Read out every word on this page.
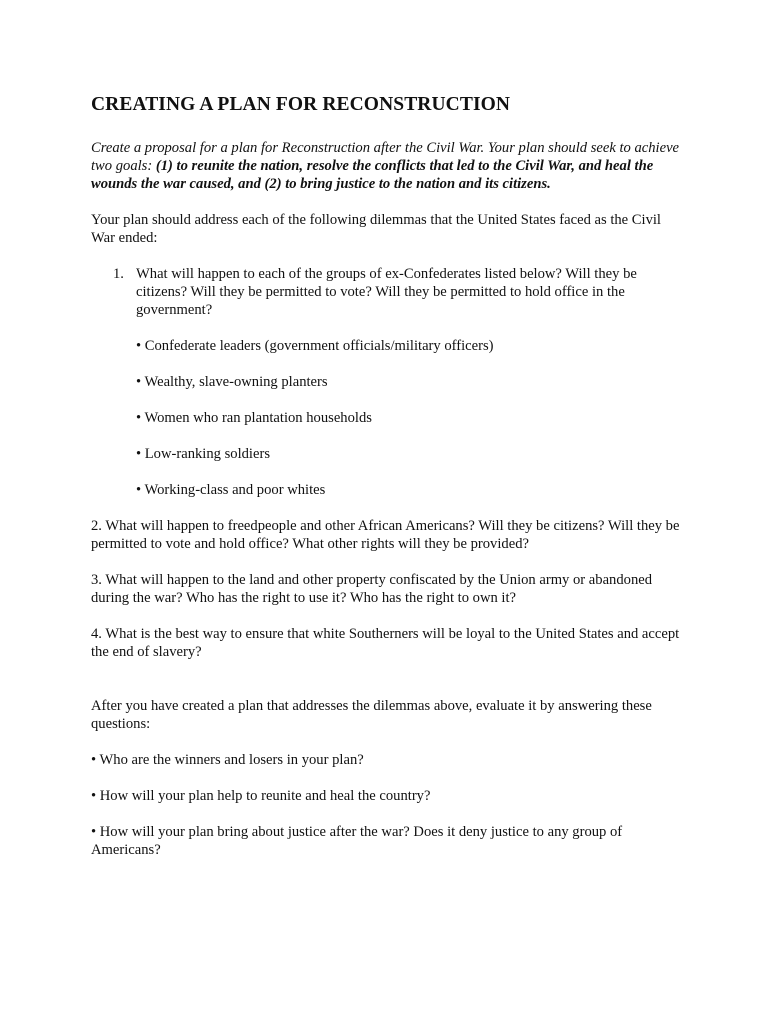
CREATING A PLAN FOR RECONSTRUCTION

Create a proposal for a plan for Reconstruction after the Civil War. Your plan should seek to achieve two goals: (1) to reunite the nation, resolve the conflicts that led to the Civil War, and heal the wounds the war caused, and (2) to bring justice to the nation and its citizens.

Your plan should address each of the following dilemmas that the United States faced as the Civil War ended:

1. What will happen to each of the groups of ex-Confederates listed below? Will they be citizens? Will they be permitted to vote? Will they be permitted to hold office in the government?
• Confederate leaders (government officials/military officers)
• Wealthy, slave-owning planters
• Women who ran plantation households
• Low-ranking soldiers
• Working-class and poor whites

2. What will happen to freedpeople and other African Americans? Will they be citizens? Will they be permitted to vote and hold office? What other rights will they be provided?

3. What will happen to the land and other property confiscated by the Union army or abandoned during the war? Who has the right to use it? Who has the right to own it?

4. What is the best way to ensure that white Southerners will be loyal to the United States and accept the end of slavery?

After you have created a plan that addresses the dilemmas above, evaluate it by answering these questions:

• Who are the winners and losers in your plan?
• How will your plan help to reunite and heal the country?
• How will your plan bring about justice after the war? Does it deny justice to any group of Americans?
